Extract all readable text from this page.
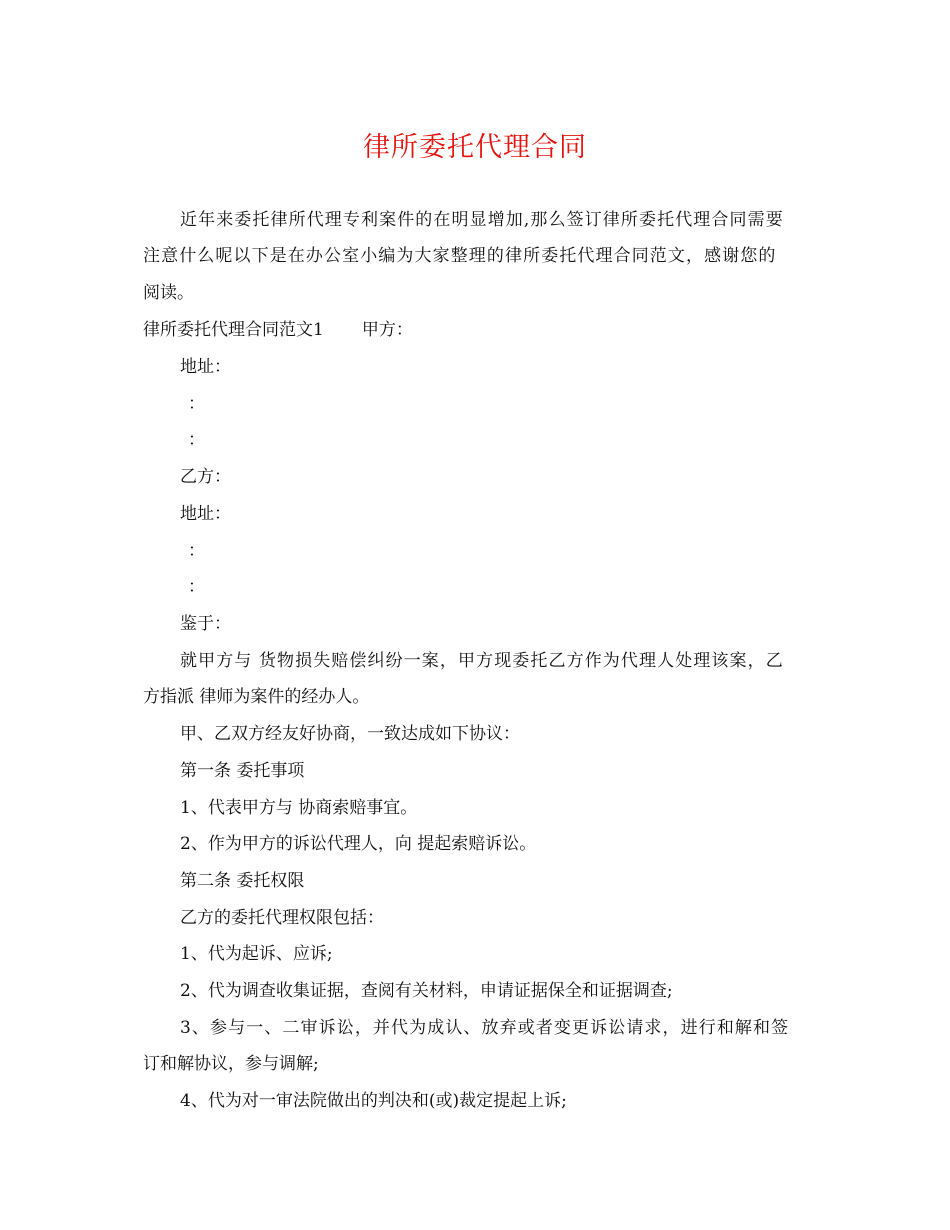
律所委托代理合同
近年来委托律所代理专利案件的在明显增加,那么签订律所委托代理合同需要
注意什么呢以下是在办公室小编为大家整理的律所委托代理合同范文，感谢您的
阅读。
律所委托代理合同范文1 甲方：
地址：
：
：
乙方：
地址：
：
：
鉴于：
就甲方与 货物损失赔偿纠纷一案，甲方现委托乙方作为代理人处理该案，乙
方指派 律师为案件的经办人。
甲、乙双方经友好协商，一致达成如下协议：
第一条 委托事项
1、代表甲方与 协商索赔事宜。
2、作为甲方的诉讼代理人，向 提起索赔诉讼。
第二条 委托权限
乙方的委托代理权限包括：
1、代为起诉、应诉;
2、代为调查收集证据，查阅有关材料，申请证据保全和证据调查;
3、参与一、二审诉讼，并代为成认、放弃或者变更诉讼请求，进行和解和签
订和解协议，参与调解;
4、代为对一审法院做出的判决和(或)裁定提起上诉;
